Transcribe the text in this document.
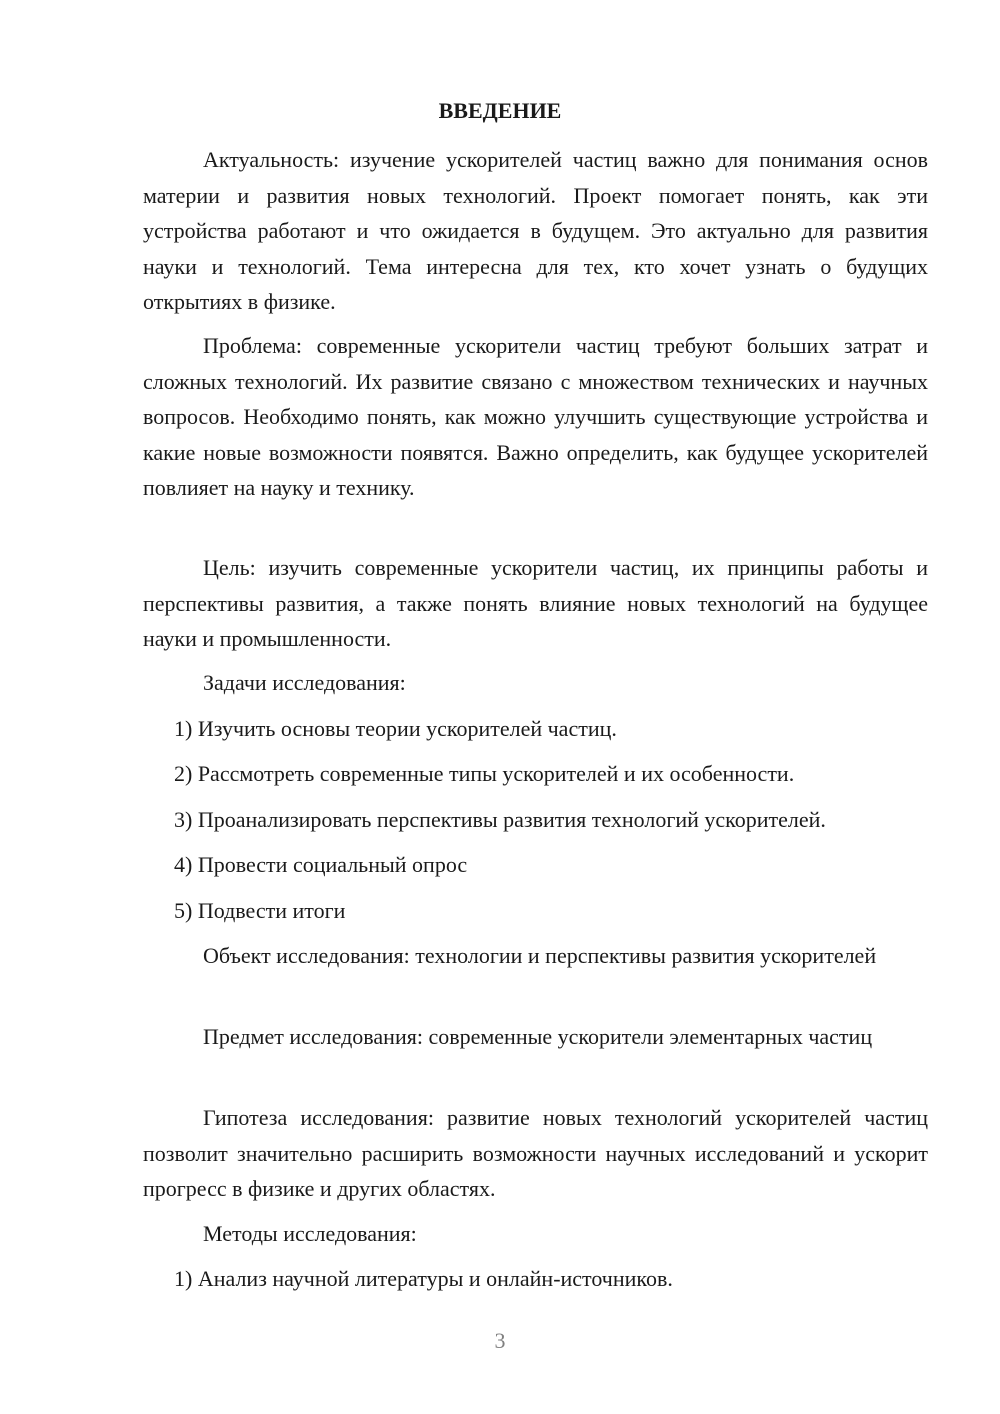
ВВЕДЕНИЕ

Актуальность: изучение ускорителей частиц важно для понимания основ материи и развития новых технологий. Проект помогает понять, как эти устройства работают и что ожидается в будущем. Это актуально для развития науки и технологий. Тема интересна для тех, кто хочет узнать о будущих открытиях в физике.

Проблема: современные ускорители частиц требуют больших затрат и сложных технологий. Их развитие связано с множеством технических и научных вопросов. Необходимо понять, как можно улучшить существующие устройства и какие новые возможности появятся. Важно определить, как будущее ускорителей повлияет на науку и технику.

Цель: изучить современные ускорители частиц, их принципы работы и перспективы развития, а также понять влияние новых технологий на будущее науки и промышленности.

Задачи исследования:

1) Изучить основы теории ускорителей частиц.

2) Рассмотреть современные типы ускорителей и их особенности.

3) Проанализировать перспективы развития технологий ускорителей.

4) Провести социальный опрос

5) Подвести итоги

Объект исследования: технологии и перспективы развития ускорителей

Предмет исследования: современные ускорители элементарных частиц

Гипотеза исследования: развитие новых технологий ускорителей частиц позволит значительно расширить возможности научных исследований и ускорит прогресс в физике и других областях.

Методы исследования:

1) Анализ научной литературы и онлайн-источников.

3
